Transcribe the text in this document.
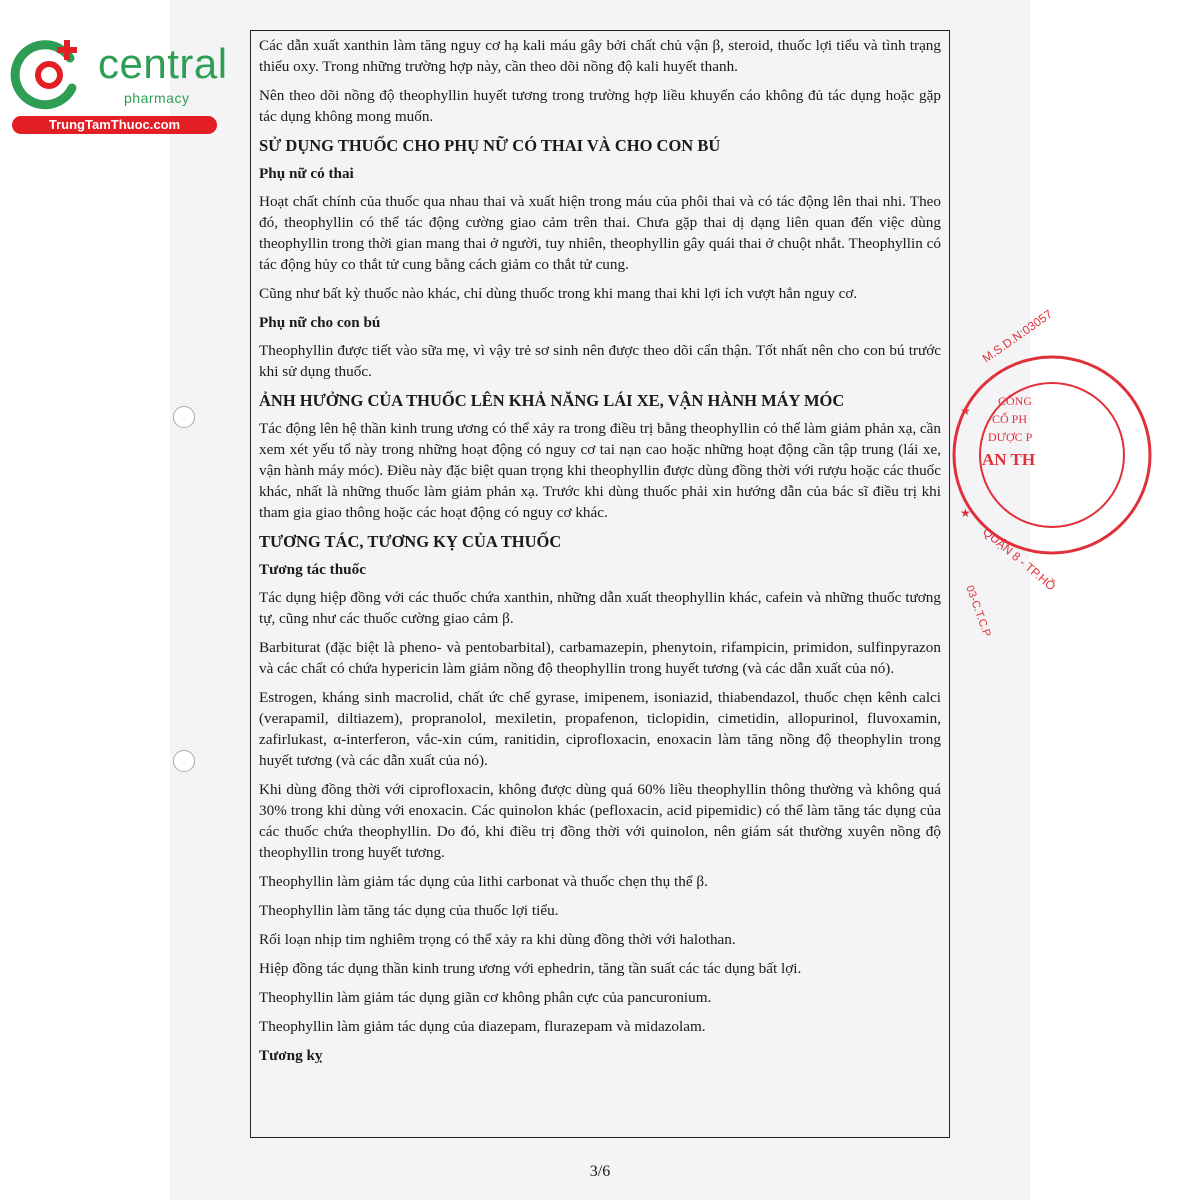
central
pharmacy
TrungTamThuoc.com

Các dẫn xuất xanthin làm tăng nguy cơ hạ kali máu gây bởi chất chủ vận β, steroid, thuốc lợi tiểu và tình trạng thiếu oxy. Trong những trường hợp này, cần theo dõi nồng độ kali huyết thanh.

Nên theo dõi nồng độ theophyllin huyết tương trong trường hợp liều khuyến cáo không đủ tác dụng hoặc gặp tác dụng không mong muốn.

SỬ DỤNG THUỐC CHO PHỤ NỮ CÓ THAI VÀ CHO CON BÚ
Phụ nữ có thai

Hoạt chất chính của thuốc qua nhau thai và xuất hiện trong máu của phôi thai và có tác động lên thai nhi. Theo đó, theophyllin có thể tác động cường giao cảm trên thai. Chưa gặp thai dị dạng liên quan đến việc dùng theophyllin trong thời gian mang thai ở người, tuy nhiên, theophyllin gây quái thai ở chuột nhắt. Theophyllin có tác động hủy co thắt tử cung bằng cách giảm co thắt tử cung.

Cũng như bất kỳ thuốc nào khác, chỉ dùng thuốc trong khi mang thai khi lợi ích vượt hẳn nguy cơ.

Phụ nữ cho con bú

Theophyllin được tiết vào sữa mẹ, vì vậy trẻ sơ sinh nên được theo dõi cẩn thận. Tốt nhất nên cho con bú trước khi sử dụng thuốc.

ẢNH HƯỞNG CỦA THUỐC LÊN KHẢ NĂNG LÁI XE, VẬN HÀNH MÁY MÓC

Tác động lên hệ thần kinh trung ương có thể xảy ra trong điều trị bằng theophyllin có thể làm giảm phản xạ, cần xem xét yếu tố này trong những hoạt động có nguy cơ tai nạn cao hoặc những hoạt động cần tập trung (lái xe, vận hành máy móc). Điều này đặc biệt quan trọng khi theophyllin được dùng đồng thời với rượu hoặc các thuốc khác, nhất là những thuốc làm giảm phản xạ. Trước khi dùng thuốc phải xin hướng dẫn của bác sĩ điều trị khi tham gia giao thông hoặc các hoạt động có nguy cơ khác.

TƯƠNG TÁC, TƯƠNG KỴ CỦA THUỐC
Tương tác thuốc

Tác dụng hiệp đồng với các thuốc chứa xanthin, những dẫn xuất theophyllin khác, cafein và những thuốc tương tự, cũng như các thuốc cường giao cảm β.

Barbiturat (đặc biệt là pheno- và pentobarbital), carbamazepin, phenytoin, rifampicin, primidon, sulfinpyrazon và các chất có chứa hypericin làm giảm nồng độ theophyllin trong huyết tương (và các dẫn xuất của nó).

Estrogen, kháng sinh macrolid, chất ức chế gyrase, imipenem, isoniazid, thiabendazol, thuốc chẹn kênh calci (verapamil, diltiazem), propranolol, mexiletin, propafenon, ticlopidin, cimetidin, allopurinol, fluvoxamin, zafirlukast, α-interferon, vắc-xin cúm, ranitidin, ciprofloxacin, enoxacin làm tăng nồng độ theophylin trong huyết tương (và các dẫn xuất của nó).

Khi dùng đồng thời với ciprofloxacin, không được dùng quá 60% liều theophyllin thông thường và không quá 30% trong khi dùng với enoxacin. Các quinolon khác (pefloxacin, acid pipemidic) có thể làm tăng tác dụng của các thuốc chứa theophyllin. Do đó, khi điều trị đồng thời với quinolon, nên giám sát thường xuyên nồng độ theophyllin trong huyết tương.

Theophyllin làm giảm tác dụng của lithi carbonat và thuốc chẹn thụ thể β.

Theophyllin làm tăng tác dụng của thuốc lợi tiểu.

Rối loạn nhịp tim nghiêm trọng có thể xảy ra khi dùng đồng thời với halothan.

Hiệp đồng tác dụng thần kinh trung ương với ephedrin, tăng tần suất các tác dụng bất lợi.

Theophyllin làm giảm tác dụng giãn cơ không phân cực của pancuronium.

Theophyllin làm giảm tác dụng của diazepam, flurazepam và midazolam.

Tương kỵ
M.S.D.N:03057
QUẬN 8 - TP.HỒ
03-C.T.C.P
★
★
CÔNG
CỔ PH
DƯỢC P
AN TH
3/6
